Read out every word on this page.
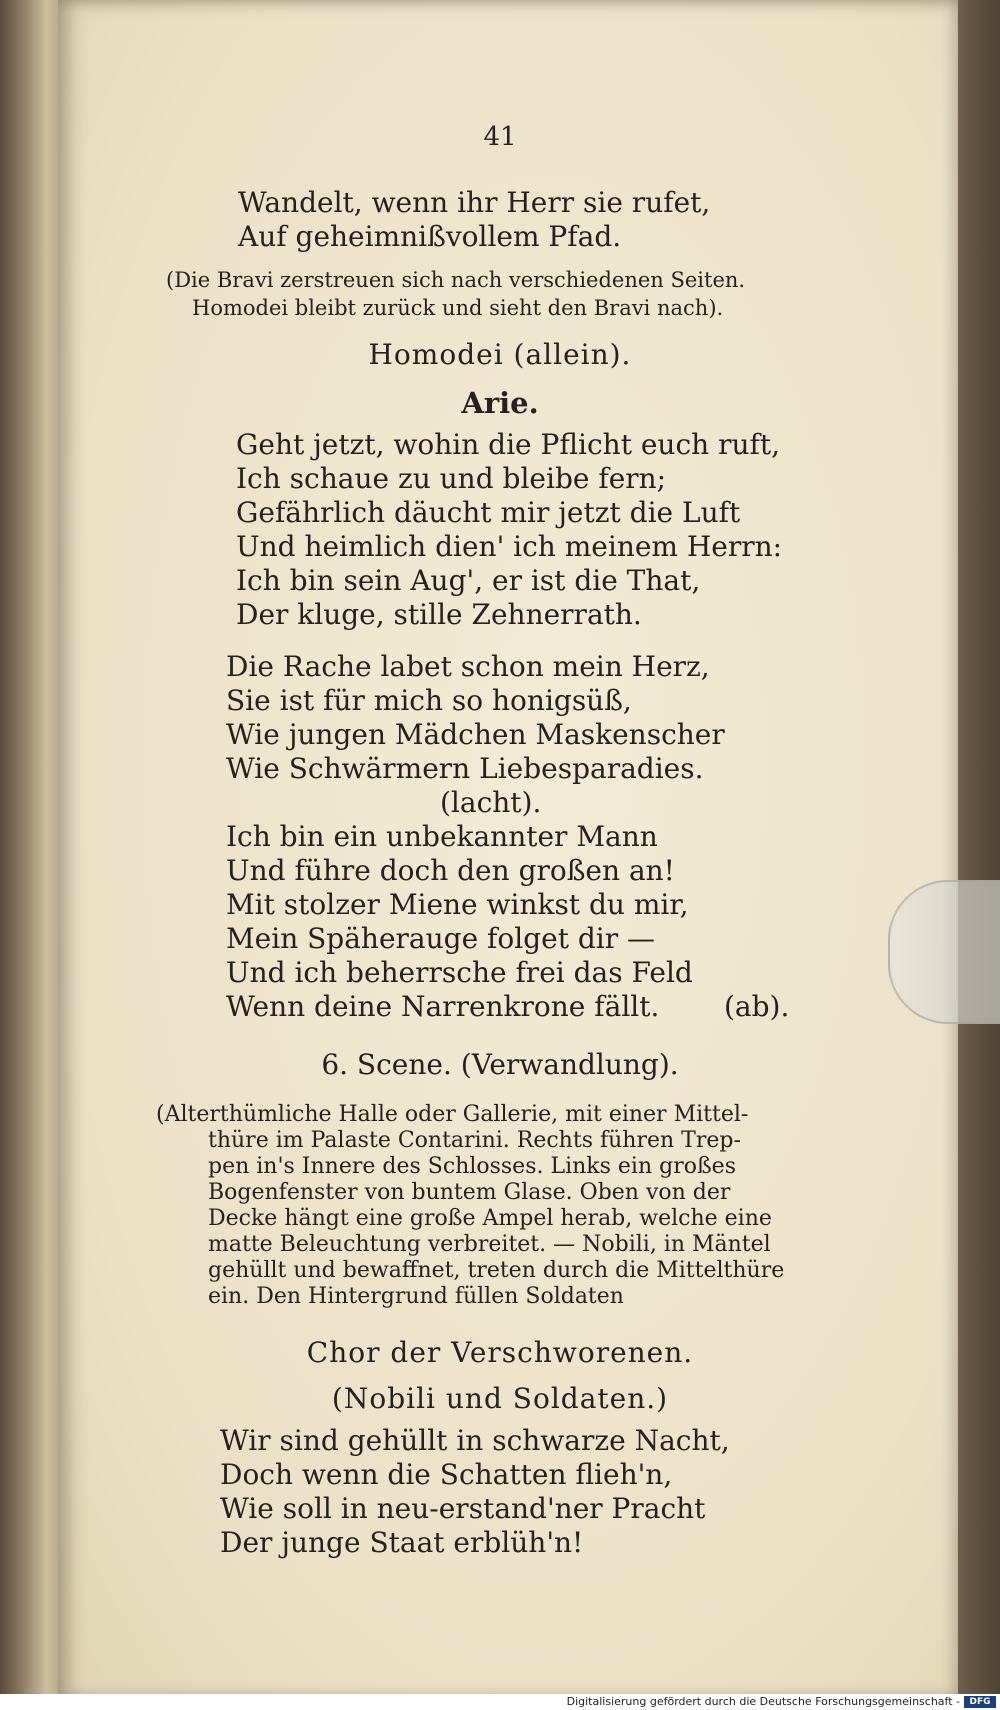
41
Wandelt, wenn ihr Herr sie rufet,
Auf geheimnißvollem Pfad.
(Die Bravi zerstreuen sich nach verschiedenen Seiten.
Homodei bleibt zurück und sieht den Bravi nach).
Homodei (allein).
Arie.
Geht jetzt, wohin die Pflicht euch ruft,
Ich schaue zu und bleibe fern;
Gefährlich däucht mir jetzt die Luft
Und heimlich dien' ich meinem Herrn:
Ich bin sein Aug', er ist die That,
Der kluge, stille Zehnerrath.
Die Rache labet schon mein Herz,
Sie ist für mich so honigsüß,
Wie jungen Mädchen Maskenscher
Wie Schwärmern Liebesparadies.
(lacht).
Ich bin ein unbekannter Mann
Und führe doch den großen an!
Mit stolzer Miene winkst du mir,
Mein Späherauge folget dir —
Und ich beherrsche frei das Feld
Wenn deine Narrenkrone fällt. (ab).
6. Scene. (Verwandlung).
(Alterthümliche Halle oder Gallerie, mit einer Mittel-
thüre im Palaste Contarini. Rechts führen Trep-
pen in's Innere des Schlosses. Links ein großes
Bogenfenster von buntem Glase. Oben von der
Decke hängt eine große Ampel herab, welche eine
matte Beleuchtung verbreitet. — Nobili, in Mäntel
gehüllt und bewaffnet, treten durch die Mittelthüre
ein. Den Hintergrund füllen Soldaten
Chor der Verschworenen.
(Nobili und Soldaten.)
Wir sind gehüllt in schwarze Nacht,
Doch wenn die Schatten flieh'n,
Wie soll in neu-erstand'ner Pracht
Der junge Staat erblüh'n!
Digitalisierung gefördert durch die Deutsche Forschungsgemeinschaft -	DFG
